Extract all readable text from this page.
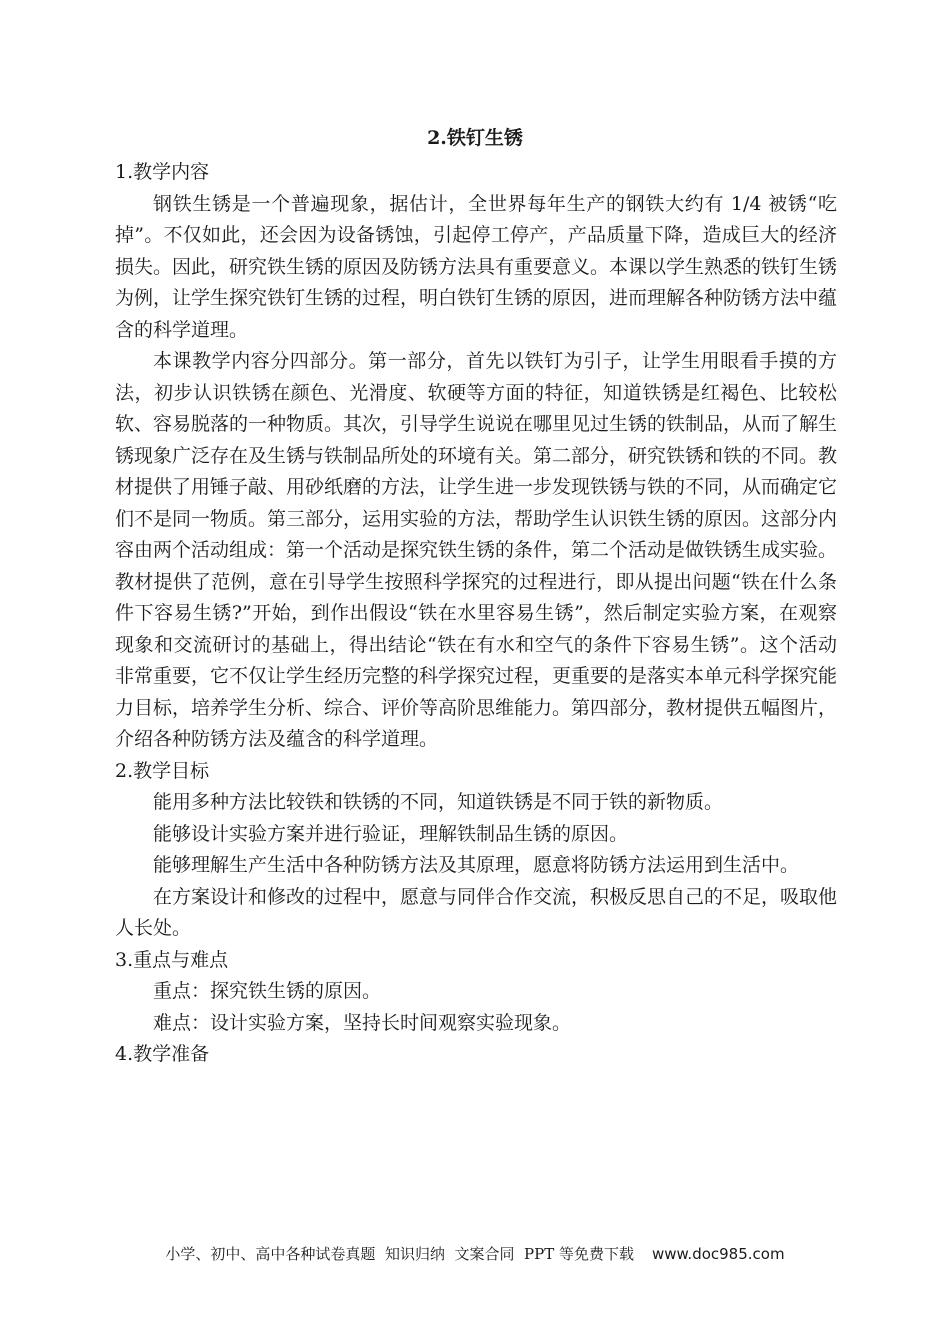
2.铁钉生锈

1.教学内容

钢铁生锈是一个普遍现象，据估计，全世界每年生产的钢铁大约有 1/4 被锈“吃掉”。不仅如此，还会因为设备锈蚀，引起停工停产，产品质量下降，造成巨大的经济损失。因此，研究铁生锈的原因及防锈方法具有重要意义。本课以学生熟悉的铁钉生锈为例，让学生探究铁钉生锈的过程，明白铁钉生锈的原因，进而理解各种防锈方法中蕴含的科学道理。

本课教学内容分四部分。第一部分，首先以铁钉为引子，让学生用眼看手摸的方法，初步认识铁锈在颜色、光滑度、软硬等方面的特征，知道铁锈是红褐色、比较松软、容易脱落的一种物质。其次，引导学生说说在哪里见过生锈的铁制品，从而了解生锈现象广泛存在及生锈与铁制品所处的环境有关。第二部分，研究铁锈和铁的不同。教材提供了用锤子敲、用砂纸磨的方法，让学生进一步发现铁锈与铁的不同，从而确定它们不是同一物质。第三部分，运用实验的方法，帮助学生认识铁生锈的原因。这部分内容由两个活动组成：第一个活动是探究铁生锈的条件，第二个活动是做铁锈生成实验。教材提供了范例，意在引导学生按照科学探究的过程进行，即从提出问题“铁在什么条件下容易生锈?”开始，到作出假设“铁在水里容易生锈”，然后制定实验方案，在观察现象和交流研讨的基础上，得出结论“铁在有水和空气的条件下容易生锈”。这个活动非常重要，它不仅让学生经历完整的科学探究过程，更重要的是落实本单元科学探究能力目标，培养学生分析、综合、评价等高阶思维能力。第四部分，教材提供五幅图片，介绍各种防锈方法及蕴含的科学道理。

2.教学目标

能用多种方法比较铁和铁锈的不同，知道铁锈是不同于铁的新物质。

能够设计实验方案并进行验证，理解铁制品生锈的原因。

能够理解生产生活中各种防锈方法及其原理，愿意将防锈方法运用到生活中。

在方案设计和修改的过程中，愿意与同伴合作交流，积极反思自己的不足，吸取他人长处。

3.重点与难点

重点：探究铁生锈的原因。

难点：设计实验方案，坚持长时间观察实验现象。

4.教学准备

小学、初中、高中各种试卷真题  知识归纳  文案合同  PPT 等免费下载 www.doc985.com
